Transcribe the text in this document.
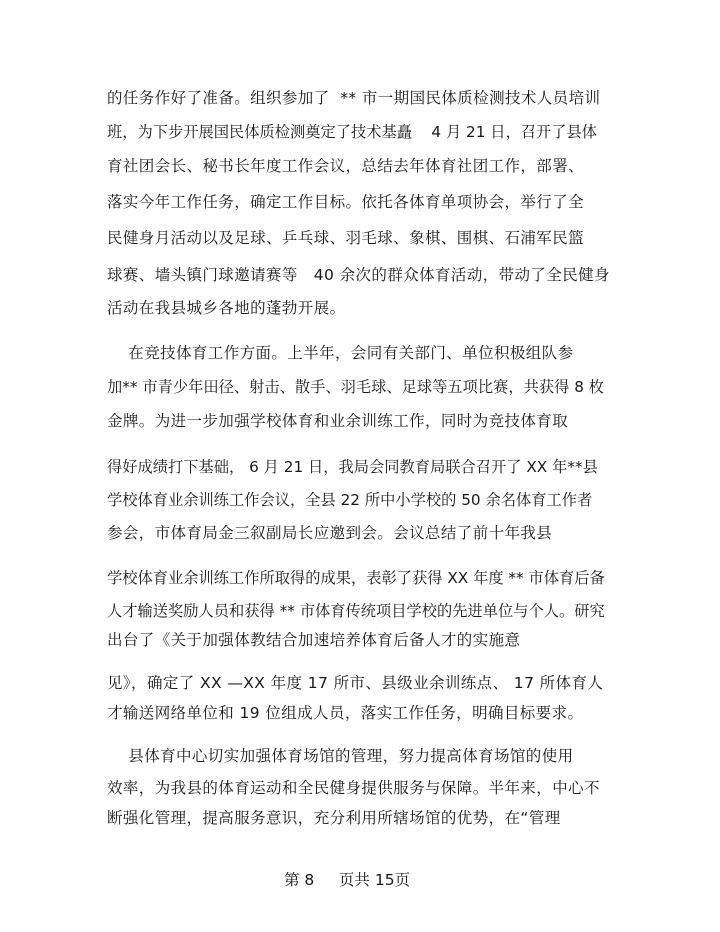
的任务作好了准备。组织参加了  ** 市一期国民体质检测技术人员培训
班，为下步开展国民体质检测奠定了技术基矗    4 月 21 日，召开了县体
育社团会长、秘书长年度工作会议，总结去年体育社团工作，部署、
落实今年工作任务，确定工作目标。依托各体育单项协会，举行了全
民健身月活动以及足球、乒乓球、羽毛球、象棋、围棋、石浦军民篮
球赛、墙头镇门球邀请赛等   40 余次的群众体育活动，带动了全民健身
活动在我县城乡各地的蓬勃开展。
在竞技体育工作方面。上半年，会同有关部门、单位积极组队参
加** 市青少年田径、射击、散手、羽毛球、足球等五项比赛，共获得 8 枚
金牌。为进一步加强学校体育和业余训练工作，同时为竞技体育取
得好成绩打下基础， 6 月 21 日，我局会同教育局联合召开了 XX 年**县
学校体育业余训练工作会议，全县 22 所中小学校的 50 余名体育工作者
参会，市体育局金三叙副局长应邀到会。会议总结了前十年我县
学校体育业余训练工作所取得的成果，表彰了获得 XX 年度 ** 市体育后备
人才输送奖励人员和获得 ** 市体育传统项目学校的先进单位与个人。研究
出台了《关于加强体教结合加速培养体育后备人才的实施意
见》，确定了 XX —XX 年度 17 所市、县级业余训练点、 17 所体育人
才输送网络单位和 19 位组成人员，落实工作任务，明确目标要求。
县体育中心切实加强体育场馆的管理，努力提高体育场馆的使用
效率，为我县的体育运动和全民健身提供服务与保障。半年来，中心不
断强化管理，提高服务意识，充分利用所辖场馆的优势，在“管理
第 8     页共 15页
